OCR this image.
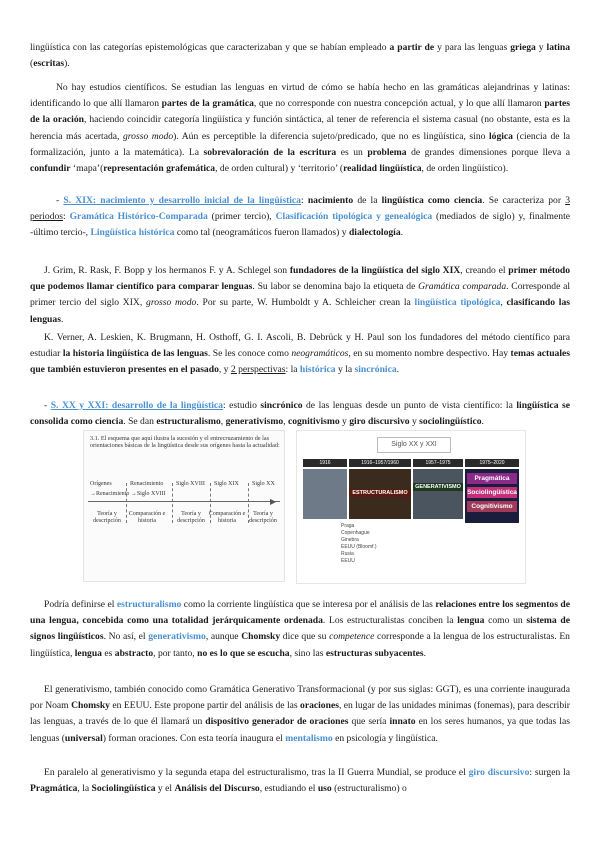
lingüística con las categorías epistemológicas que caracterizaban y que se habían empleado a partir de y para las lenguas griega y latina (escritas).

No hay estudios científicos. Se estudian las lenguas en virtud de cómo se había hecho en las gramáticas alejandrinas y latinas: identificando lo que allí llamaron partes de la gramática, que no corresponde con nuestra concepción actual, y lo que allí llamaron partes de la oración, haciendo coincidir categoría lingüística y función sintáctica, al tener de referencia el sistema casual (no obstante, esta es la herencia más acertada, grosso modo). Aún es perceptible la diferencia sujeto/predicado, que no es lingüística, sino lógica (ciencia de la formalización, junto a la matemática). La sobrevaloración de la escritura es un problema de grandes dimensiones porque lleva a confundir ‘mapa’(representación grafemática, de orden cultural) y ‘territorio’ (realidad lingüística, de orden lingüístico).

- S. XIX: nacimiento y desarrollo inicial de la lingüística: nacimiento de la lingüística como ciencia. Se caracteriza por 3 periodos: Gramática Histórico-Comparada (primer tercio), Clasificación tipológica y genealógica (mediados de siglo) y, finalmente -último tercio-, Lingüística histórica como tal (neogramáticos fueron llamados) y dialectología.

J. Grim, R. Rask, F. Bopp y los hermanos F. y A. Schlegel son fundadores de la lingüística del siglo XIX, creando el primer método que podemos llamar científico para comparar lenguas. Su labor se denomina bajo la etiqueta de Gramática comparada. Corresponde al primer tercio del siglo XIX, grosso modo. Por su parte, W. Humboldt y A. Schleicher crean la lingüística tipológica, clasificando las lenguas.

K. Verner, A. Leskien, K. Brugmann, H. Osthoff, G. I. Ascoli, B. Debrück y H. Paul son los fundadores del método científico para estudiar la historia lingüística de las lenguas. Se les conoce como neogramáticos, en su momento nombre despectivo. Hay temas actuales que también estuvieron presentes en el pasado, y 2 perspectivas: la histórica y la sincrónica.

- S. XX y XXI: desarrollo de la lingüística: estudio sincrónico de las lenguas desde un punto de vista científico: la lingüística se consolida como ciencia. Se dan estructuralismo, generativismo, cognitivismo y giro discursivo y sociolingüístico.

3.1. El esquema que aquí ilustra la sucesión y el entrecruzamiento de las orientaciones básicas de la lingüística desde sus orígenes hasta la actualidad:
Orígenes	Renacimiento Siglo XVIII Siglo XIX Siglo XX
→Renacimiento →Siglo XVIII
▶
Teoría y descripción
Comparación e historia
Teoría y descripción
Comparación e historia
Teoría y descripción
Siglo XX y XXI
1916	1916–1957/1960	1957–1975	1975–2020
ESTRUCTURALISMO
GENERATIVISMO
Pragmática
Sociolingüística
Cognitivismo
Praga
Copenhague
Ginebra
EEUU (Bloomf.)
Rusia
EEUU

Podría definirse el estructuralismo como la corriente lingüística que se interesa por el análisis de las relaciones entre los segmentos de una lengua, concebida como una totalidad jerárquicamente ordenada. Los estructuralistas conciben la lengua como un sistema de signos lingüísticos. No así, el generativismo, aunque Chomsky dice que su competence corresponde a la lengua de los estructuralistas. En lingüística, lengua es abstracto, por tanto, no es lo que se escucha, sino las estructuras subyacentes.

El generativismo, también conocido como Gramática Generativo Transformacional (y por sus siglas: GGT), es una corriente inaugurada por Noam Chomsky en EEUU. Este propone partir del análisis de las oraciones, en lugar de las unidades mínimas (fonemas), para describir las lenguas, a través de lo que él llamará un dispositivo generador de oraciones que sería innato en los seres humanos, ya que todas las lenguas (universal) forman oraciones. Con esta teoría inaugura el mentalismo en psicología y lingüística.

En paralelo al generativismo y la segunda etapa del estructuralismo, tras la II Guerra Mundial, se produce el giro discursivo: surgen la Pragmática, la Sociolingüística y el Análisis del Discurso, estudiando el uso (estructuralismo) o
